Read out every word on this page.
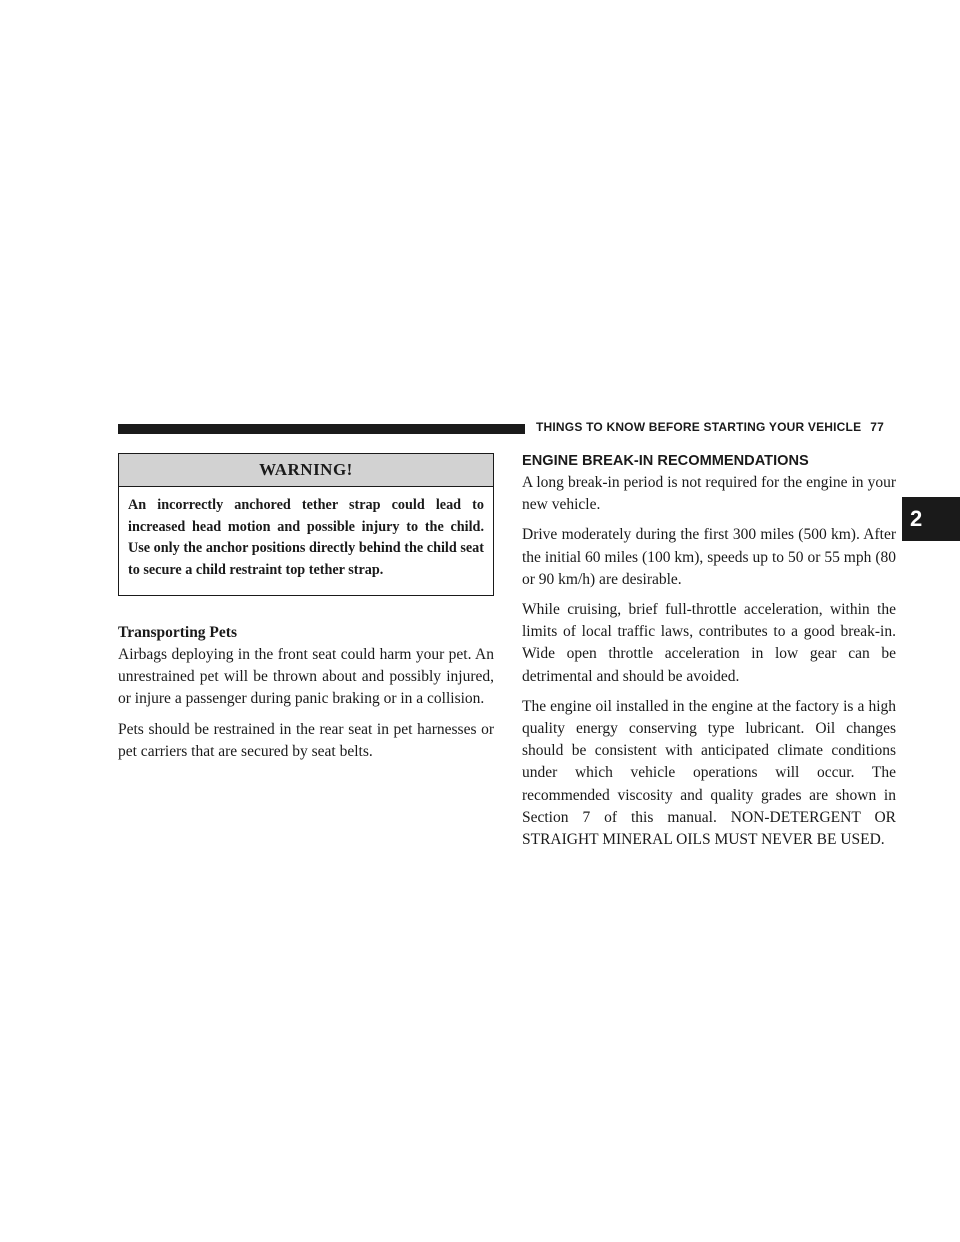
THINGS TO KNOW BEFORE STARTING YOUR VEHICLE 77
2
WARNING!
An incorrectly anchored tether strap could lead to increased head motion and possible injury to the child. Use only the anchor positions directly behind the child seat to secure a child restraint top tether strap.
Transporting Pets

Airbags deploying in the front seat could harm your pet. An unrestrained pet will be thrown about and possibly injured, or injure a passenger during panic braking or in a collision.

Pets should be restrained in the rear seat in pet harnesses or pet carriers that are secured by seat belts.

ENGINE BREAK-IN RECOMMENDATIONS

A long break-in period is not required for the engine in your new vehicle.

Drive moderately during the first 300 miles (500 km). After the initial 60 miles (100 km), speeds up to 50 or 55 mph (80 or 90 km/h) are desirable.

While cruising, brief full-throttle acceleration, within the limits of local traffic laws, contributes to a good break-in. Wide open throttle acceleration in low gear can be detrimental and should be avoided.

The engine oil installed in the engine at the factory is a high quality energy conserving type lubricant. Oil changes should be consistent with anticipated climate conditions under which vehicle operations will occur. The recommended viscosity and quality grades are shown in Section 7 of this manual. NON-DETERGENT OR STRAIGHT MINERAL OILS MUST NEVER BE USED.
